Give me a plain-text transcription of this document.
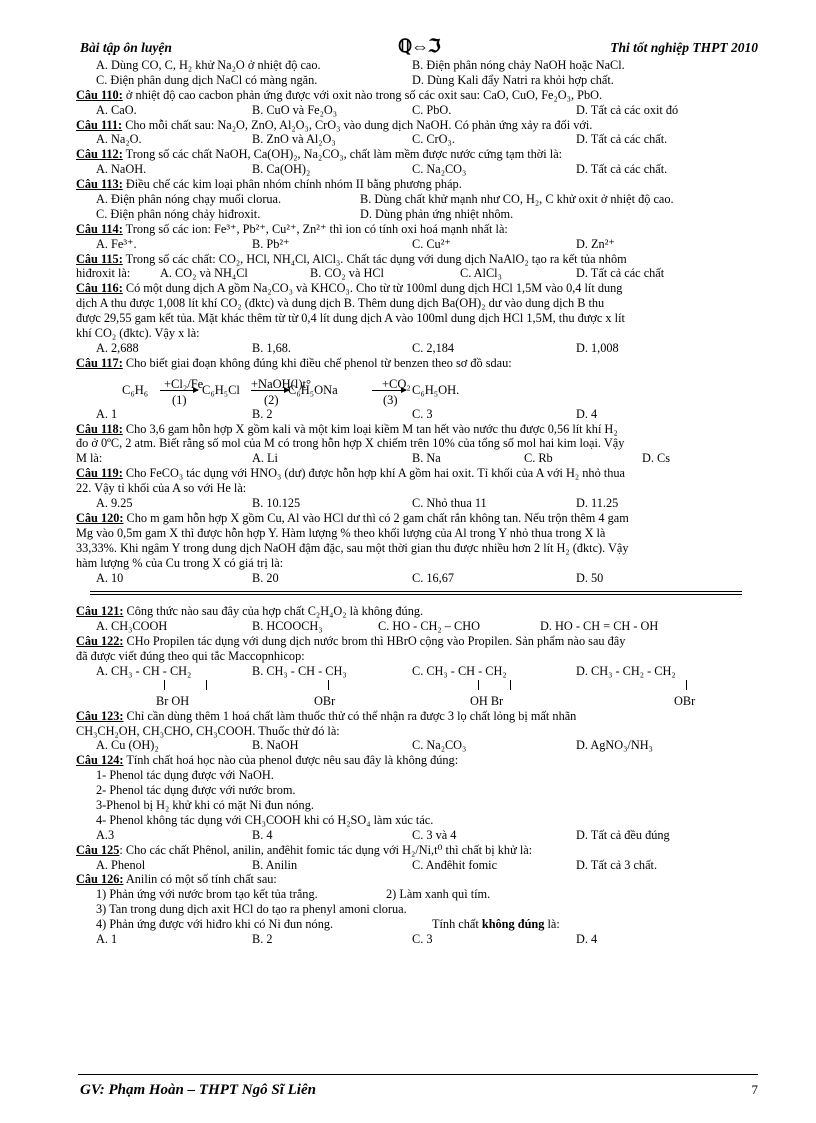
Bài tập ôn luyện	ℚ⇔ℑ	Thi tốt nghiệp THPT 2010
A. Dùng CO, C, H₂ khử Na₂O ở nhiệt độ cao.	B. Điện phân nóng chảy NaOH hoặc NaCl.
C. Điện phân dung dịch NaCl có màng ngăn.	D. Dùng Kali đẩy Natri ra khỏi hợp chất.
Câu 110: ở nhiệt độ cao cacbon phản ứng được với oxit nào trong số các oxit sau: CaO, CuO, Fe₂O₃, PbO.
A. CaO.	B. CuO và Fe₂O₃	C. PbO.	D. Tất cả các oxit đó
Câu 111: Cho mỗi chất sau: Na₂O, ZnO, Al₂O₃, CrO₃ vào dung dịch NaOH. Có phản ứng xảy ra đối với.
A. Na₂O.	B. ZnO và Al₂O₃	C. CrO₃.	D. Tất cả các chất.
Câu 112: Trong số các chất NaOH, Ca(OH)₂, Na₂CO₃, chất làm mềm được nước cứng tạm thời là:
A. NaOH.	B. Ca(OH)₂	C. Na₂CO₃	D. Tất cả các chất.
Câu 113: Điều chế các kim loại phân nhóm chính nhóm II bằng phương pháp.
A. Điện phân nóng chạy muối clorua.	B. Dùng chất khử mạnh như CO, H₂, C khử oxit ở nhiệt độ cao.
C. Điện phân nóng chảy hiđroxit.	D. Dùng phản ứng nhiệt nhôm.
Câu 114: Trong số các ion: Fe³⁺, Pb²⁺, Cu²⁺, Zn²⁺ thì ion có tính oxi hoá mạnh nhất là:
A. Fe³⁺.	B. Pb²⁺	C. Cu²⁺	D. Zn²⁺
Câu 115: Trong số các chất: CO₂, HCl, NH₄Cl, AlCl₃. Chất tác dụng với dung dịch NaAlO₂ tạo ra kết tủa nhôm
hiđroxit là: A. CO₂ và NH₄Cl	B. CO₂ và HCl	C. AlCl₃	D. Tất cả các chất
Câu 116: Có một dung dịch A gồm Na₂CO₃ và KHCO₃. Cho từ từ 100ml dung dịch HCl 1,5M vào 0,4 lít dung
dịch A thu được 1,008 lít khí CO₂ (đktc) và dung dịch B. Thêm dung dịch Ba(OH)₂ dư vào dung dịch B thu
được 29,55 gam kết tủa. Mặt khác thêm từ từ 0,4 lít dung dịch A vào 100ml dung dịch HCl 1,5M, thu được x lít
khí CO₂ (đktc). Vậy x là:
A. 2,688	B. 1,68.	C. 2,184	D. 1,008
Câu 117: Cho biết giai đoạn không đúng khi điều chế phenol từ benzen theo sơ đồ sdau:
C₆H₆ +Cl₂/Fe
(1)
C₆H₅Cl +NaOH(l)t°
(2)
C₆H₅ONa	+CO₂
(3)
C₆H₅OH.
A. 1	B. 2	C. 3	D. 4
Câu 118: Cho 3,6 gam hỗn hợp X gồm kali và một kim loại kiềm M tan hết vào nước thu được 0,56 lít khí H₂
đo ở 0ºC, 2 atm. Biết rằng số mol của M có trong hỗn hợp X chiếm trên 10% của tổng số mol hai kim loại. Vậy
M là:	A. Li	B. Na	C. Rb	D. Cs
Câu 119: Cho FeCO₃ tác dụng với HNO₃ (dư) được hỗn hợp khí A gồm hai oxit. Tỉ khối của A với H₂ nhỏ thua
22. Vậy tỉ khối của A so với He là:
A. 9.25	B. 10.125	C. Nhỏ thua 11	D. 11.25
Câu 120: Cho m gam hỗn hợp X gồm Cu, Al vào HCl dư thì có 2 gam chất rắn không tan. Nếu trộn thêm 4 gam
Mg vào 0,5m gam X thì được hỗn hợp Y. Hàm lượng % theo khối lượng của Al trong Y nhỏ thua trong X là
33,33%. Khi ngâm Y trong dung dịch NaOH đậm đặc, sau một thời gian thu được nhiều hơn 2 lít H₂ (đktc). Vậy
hàm lượng % của Cu trong X có giá trị là:
A. 10	B. 20	C. 16,67	D. 50
Câu 121: Công thức nào sau đây của hợp chất C₂H₄O₂ là không đúng.
A. CH₃COOH	B. HCOOCH₃	C. HO - CH₂ – CHO	D. HO - CH = CH - OH
Câu 122: CHo Propilen tác dụng với dung dịch nước brom thì HBrO cộng vào Propilen. Sản phẩm nào sau đây
đã được viết đúng theo qui tắc Maccopnhicop:
A. CH₃ - CH - CH₂	B. CH₃ - CH - CH₃	C. CH₃ - CH - CH₂	D. CH₃ - CH₂ - CH₂
Br OH	OBr	OH Br	OBr
Câu 123: Chỉ cần dùng thêm 1 hoá chất làm thuốc thử có thể nhận ra được 3 lọ chất lỏng bị mất nhãn
CH₃CH₂OH, CH₃CHO, CH₃COOH. Thuốc thử đó là:
A. Cu (OH)₂	B. NaOH	C. Na₂CO₃	D. AgNO₃/NH₃
Câu 124: Tính chất hoá học nào của phenol được nêu sau đây là không đúng:
1- Phenol tác dụng được với NaOH.
2- Phenol tác dụng được với nước brom.
3-Phenol bị H₂ khử khi có mặt Ni đun nóng.
4- Phenol không tác dụng với CH₃COOH khi có H₂SO₄ làm xúc tác.
A.3	B. 4	C. 3 và 4	D. Tất cả đều đúng
Câu 125: Cho các chất Phênol, anilin, anđêhit fomic tác dụng với H₂/Ni,t⁰ thì chất bị khử là:
A. Phenol	B. Anilin	C. Anđêhit fomic	D. Tất cả 3 chất.
Câu 126: Anilin có một số tính chất sau:
1) Phản ứng với nước brom tạo kết tủa trắng.	2) Làm xanh quì tím.
3) Tan trong dung dịch axit HCl do tạo ra phenyl amoni clorua.
4) Phản ứng được với hiđro khi có Ni đun nóng.	Tính chất không đúng là:
A. 1	B. 2	C. 3	D. 4
GV: Phạm Hoàn – THPT Ngô Sĩ Liên	7
